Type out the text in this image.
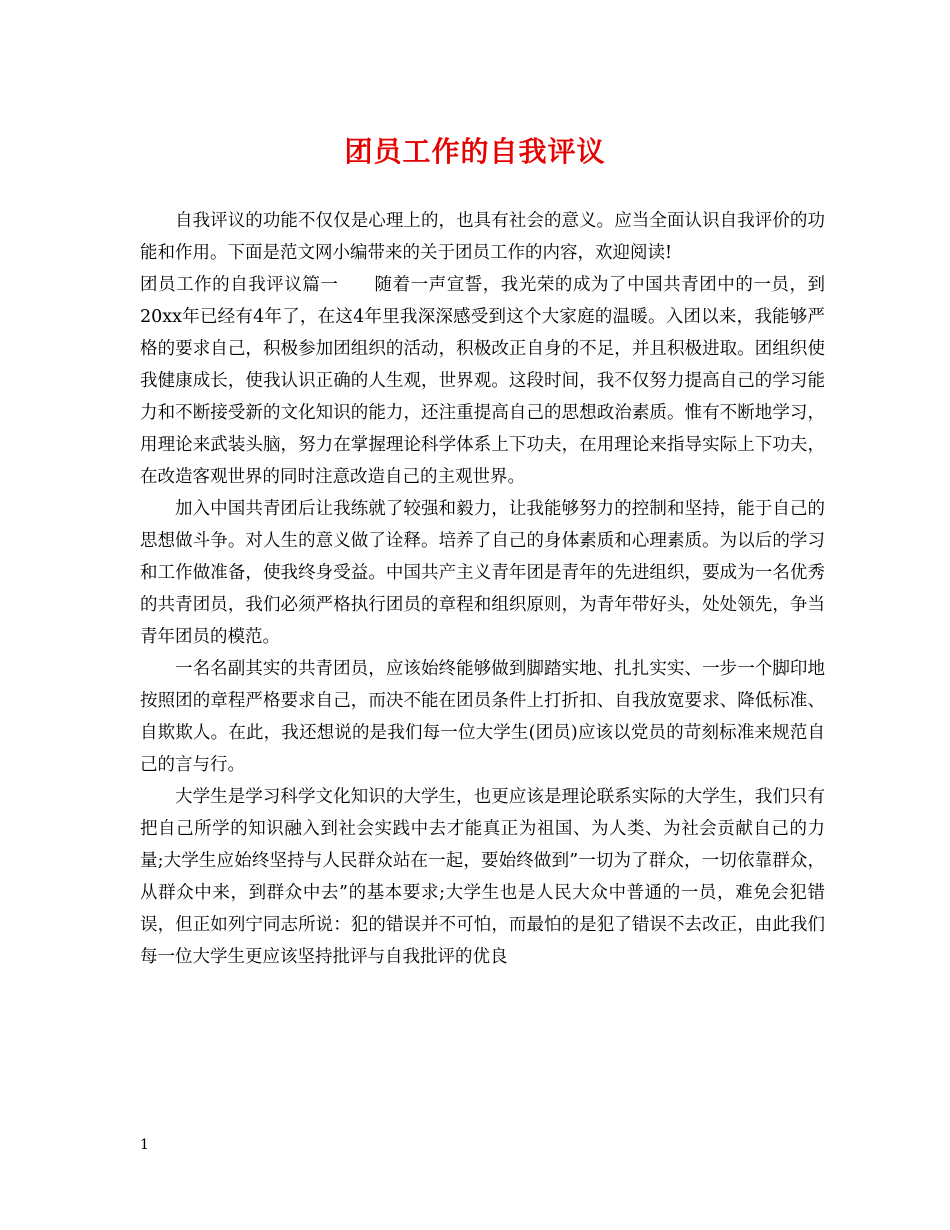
团员工作的自我评议

自我评议的功能不仅仅是心理上的，也具有社会的意义。应当全面认识自我评价的功能和作用。下面是范文网小编带来的关于团员工作的内容，欢迎阅读!

团员工作的自我评议篇一　　随着一声宣誓，我光荣的成为了中国共青团中的一员，到20xx年已经有4年了，在这4年里我深深感受到这个大家庭的温暖。入团以来，我能够严格的要求自己，积极参加团组织的活动，积极改正自身的不足，并且积极进取。团组织使我健康成长，使我认识正确的人生观，世界观。这段时间，我不仅努力提高自己的学习能力和不断接受新的文化知识的能力，还注重提高自己的思想政治素质。惟有不断地学习，用理论来武装头脑，努力在掌握理论科学体系上下功夫，在用理论来指导实际上下功夫，在改造客观世界的同时注意改造自己的主观世界。

加入中国共青团后让我练就了较强和毅力，让我能够努力的控制和坚持，能于自己的思想做斗争。对人生的意义做了诠释。培养了自己的身体素质和心理素质。为以后的学习和工作做准备，使我终身受益。中国共产主义青年团是青年的先进组织，要成为一名优秀的共青团员，我们必须严格执行团员的章程和组织原则，为青年带好头，处处领先，争当青年团员的模范。

一名名副其实的共青团员，应该始终能够做到脚踏实地、扎扎实实、一步一个脚印地按照团的章程严格要求自己，而决不能在团员条件上打折扣、自我放宽要求、降低标准、自欺欺人。在此，我还想说的是我们每一位大学生(团员)应该以党员的苛刻标准来规范自己的言与行。

大学生是学习科学文化知识的大学生，也更应该是理论联系实际的大学生，我们只有把自己所学的知识融入到社会实践中去才能真正为祖国、为人类、为社会贡献自己的力量;大学生应始终坚持与人民群众站在一起，要始终做到”一切为了群众，一切依靠群众，从群众中来，到群众中去”的基本要求;大学生也是人民大众中普通的一员，难免会犯错误，但正如列宁同志所说：犯的错误并不可怕，而最怕的是犯了错误不去改正，由此我们每一位大学生更应该坚持批评与自我批评的优良

1
